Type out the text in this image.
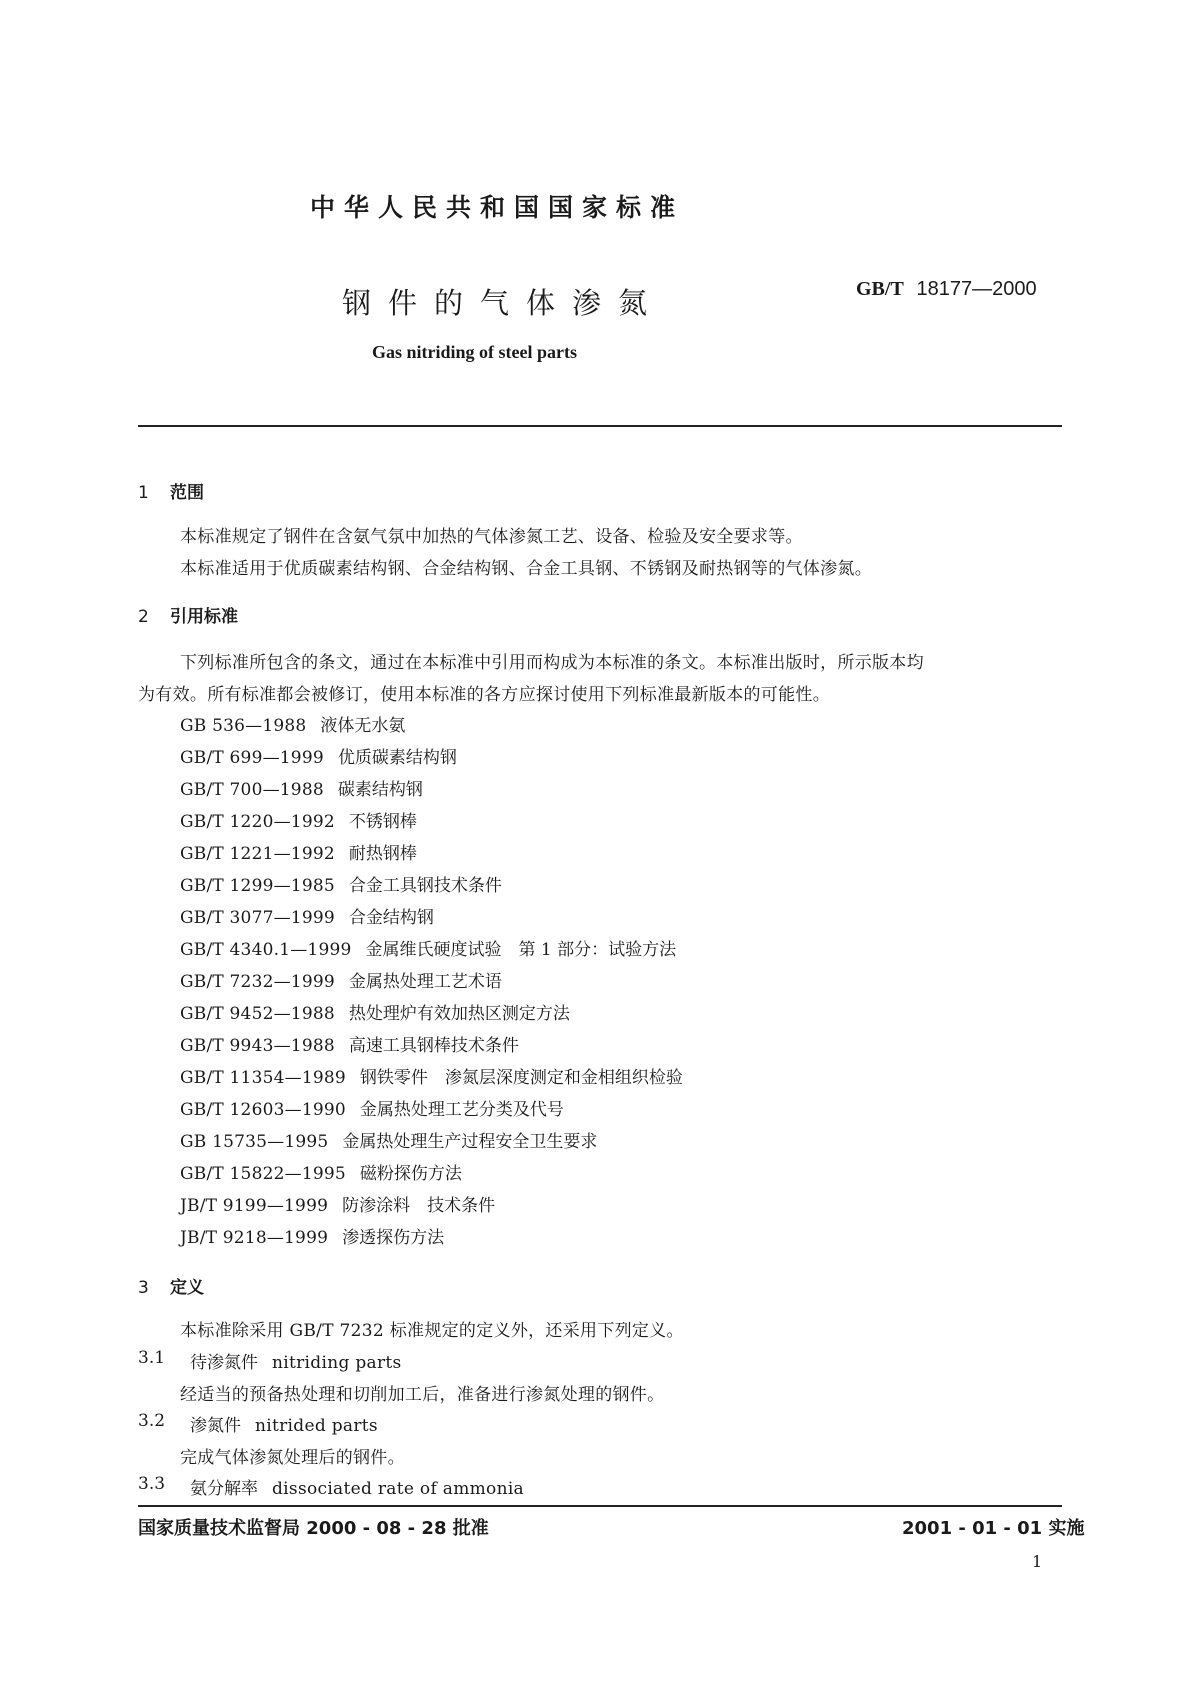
中华人民共和国国家标准
钢件的气体渗氮	GB/T 18177—2000
Gas nitriding of steel parts
1 范围
本标准规定了钢件在含氨气氛中加热的气体渗氮工艺、设备、检验及安全要求等。
本标准适用于优质碳素结构钢、合金结构钢、合金工具钢、不锈钢及耐热钢等的气体渗氮。
2 引用标准
下列标准所包含的条文，通过在本标准中引用而构成为本标准的条文。本标准出版时，所示版本均
为有效。所有标准都会被修订，使用本标准的各方应探讨使用下列标准最新版本的可能性。
GB 536—1988 液体无水氨
GB/T 699—1999 优质碳素结构钢
GB/T 700—1988 碳素结构钢
GB/T 1220—1992 不锈钢棒
GB/T 1221—1992 耐热钢棒
GB/T 1299—1985 合金工具钢技术条件
GB/T 3077—1999 合金结构钢
GB/T 4340.1—1999 金属维氏硬度试验　第 1 部分：试验方法
GB/T 7232—1999 金属热处理工艺术语
GB/T 9452—1988 热处理炉有效加热区测定方法
GB/T 9943—1988 高速工具钢棒技术条件
GB/T 11354—1989 钢铁零件　渗氮层深度测定和金相组织检验
GB/T 12603—1990 金属热处理工艺分类及代号
GB 15735—1995 金属热处理生产过程安全卫生要求
GB/T 15822—1995 磁粉探伤方法
JB/T 9199—1999 防渗涂料　技术条件
JB/T 9218—1999 渗透探伤方法
3 定义
本标准除采用 GB/T 7232 标准规定的定义外，还采用下列定义。
3.1 待渗氮件 nitriding parts
经适当的预备热处理和切削加工后，准备进行渗氮处理的钢件。
3.2 渗氮件 nitrided parts
完成气体渗氮处理后的钢件。
3.3 氨分解率 dissociated rate of ammonia
国家质量技术监督局 2000 - 08 - 28 批准	2001 - 01 - 01 实施
1
